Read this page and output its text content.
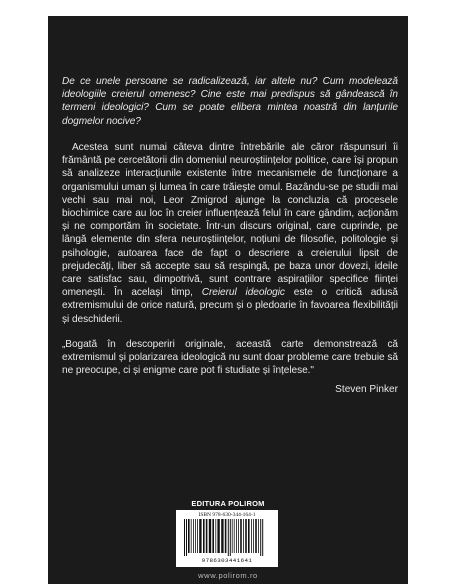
De ce unele persoane se radicalizează, iar altele nu? Cum modelează ideologiile creierul omenesc? Cine este mai predispus să gândească în termeni ideologici? Cum se poate elibera mintea noastră din lanțurile dogmelor nocive?

Acestea sunt numai câteva dintre întrebările ale căror răspunsuri îi frământă pe cercetătorii din domeniul neuroștiințelor politice, care își propun să analizeze interacțiunile existente între mecanismele de funcționare a organismului uman și lumea în care trăiește omul. Bazându-se pe studii mai vechi sau mai noi, Leor Zmigrod ajunge la concluzia că procesele biochimice care au loc în creier influențează felul în care gândim, acționăm și ne comportăm în societate. Într-un discurs original, care cuprinde, pe lângă elemente din sfera neuroștiințelor, noțiuni de filosofie, politologie și psihologie, autoarea face de fapt o descriere a creierului lipsit de prejudecăți, liber să accepte sau să respingă, pe baza unor dovezi, ideile care satisfac sau, dimpotrivă, sunt contrare aspirațiilor specifice ființei omenești. În același timp, Creierul ideologic este o critică adusă extremismului de orice natură, precum și o pledoarie în favoarea flexibilității și deschiderii.

„Bogată în descoperiri originale, această carte demonstrează că extremismul și polarizarea ideologică nu sunt doar probleme care trebuie să ne preocupe, ci și enigme care pot fi studiate și înțelese."
Steven Pinker
EDITURA POLIROM
ISBN 978-630-344-164-1
9786303441641
www.polirom.ro
